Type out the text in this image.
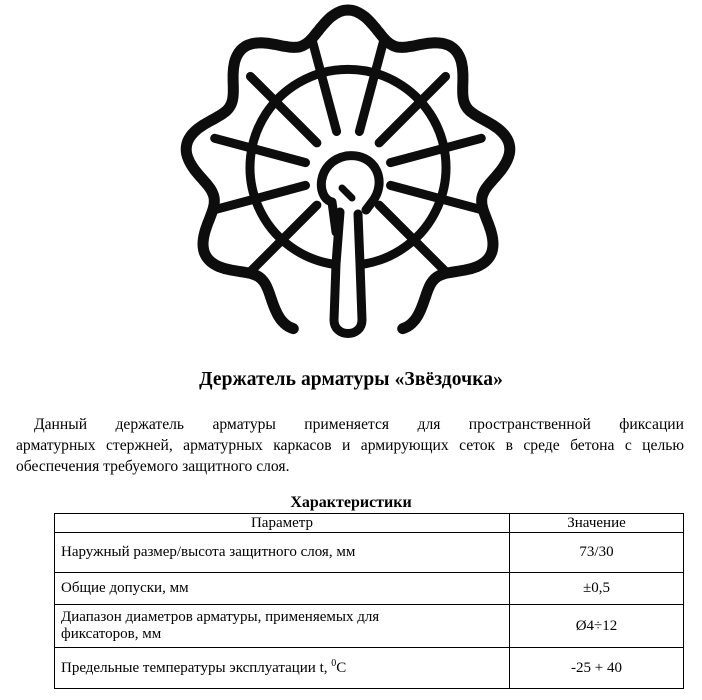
Держатель арматуры «Звёздочка»
Данный держатель арматуры применяется для пространственной фиксации
арматурных стержней, арматурных каркасов и армирующих сеток в среде бетона с целью
обеспечения требуемого защитного слоя.
Характеристики
Параметр	Значение
Наружный размер/высота защитного слоя, мм	73/30
Общие допуски, мм	±0,5
Диапазон диаметров арматуры, применяемых для
фиксаторов, мм	Ø4÷12
Предельные температуры эксплуатации t, $^0$С	-25 + 40
